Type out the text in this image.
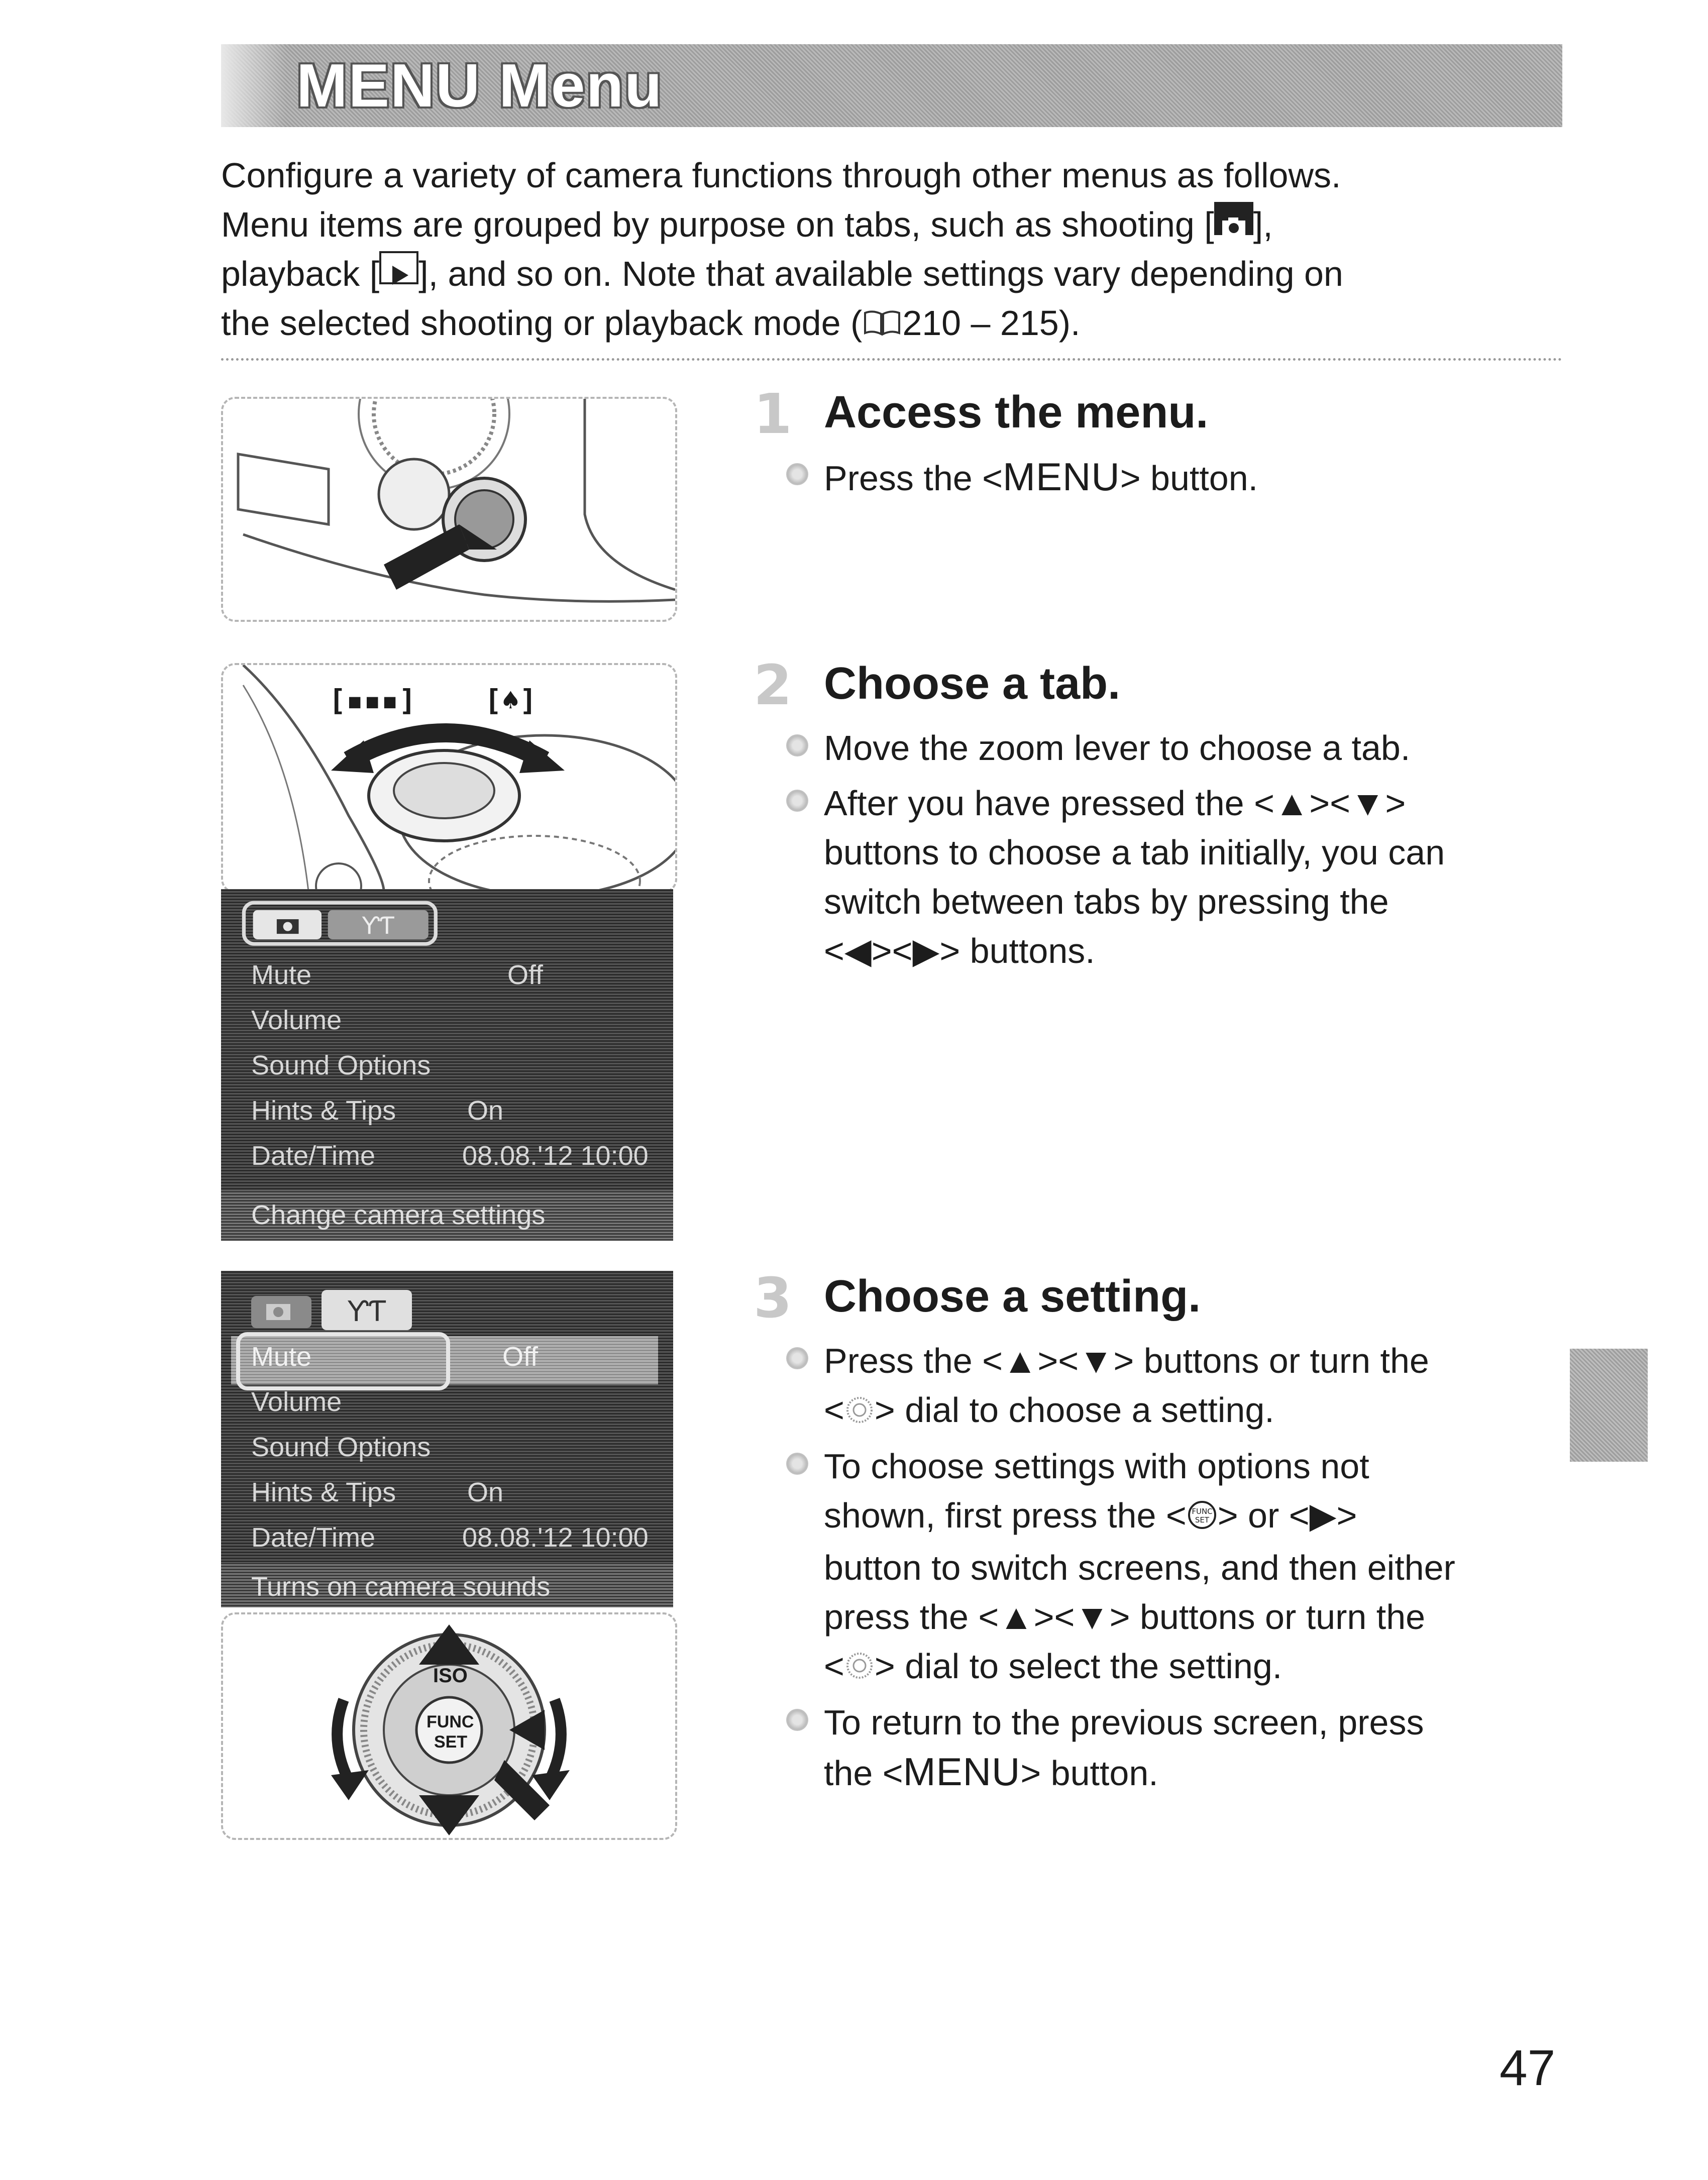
MENU Menu
Configure a variety of camera functions through other menus as follows.
Menu items are grouped by purpose on tabs, such as shooting [ ],
playback [ ], and so on. Note that available settings vary depending on
the selected shooting or playback mode ( 210 – 215).
[▪▪▪] [♠]
ƳƬ
Mute	Off
Volume
Sound Options
Hints & Tips	On
Date/Time	08.08.'12 10:00
Change camera settings
ƳƬ
Mute	Off
Volume
Sound Options
Hints & Tips	On
Date/Time	08.08.'12 10:00
Turns on camera sounds
ISO
FUNC
SET
1 Access the menu.
Press the <MENU> button.
2 Choose a tab.
Move the zoom lever to choose a tab.
After you have pressed the <▲><▼>
buttons to choose a tab initially, you can
switch between tabs by pressing the
<◀><▶> buttons.
3 Choose a setting.
Press the <▲><▼> buttons or turn the
< > dial to choose a setting.
To choose settings with options not
shown, first press the < FUNC
SET > or <▶>
button to switch screens, and then either
press the <▲><▼> buttons or turn the
< > dial to select the setting.
To return to the previous screen, press
the <MENU> button.
47
